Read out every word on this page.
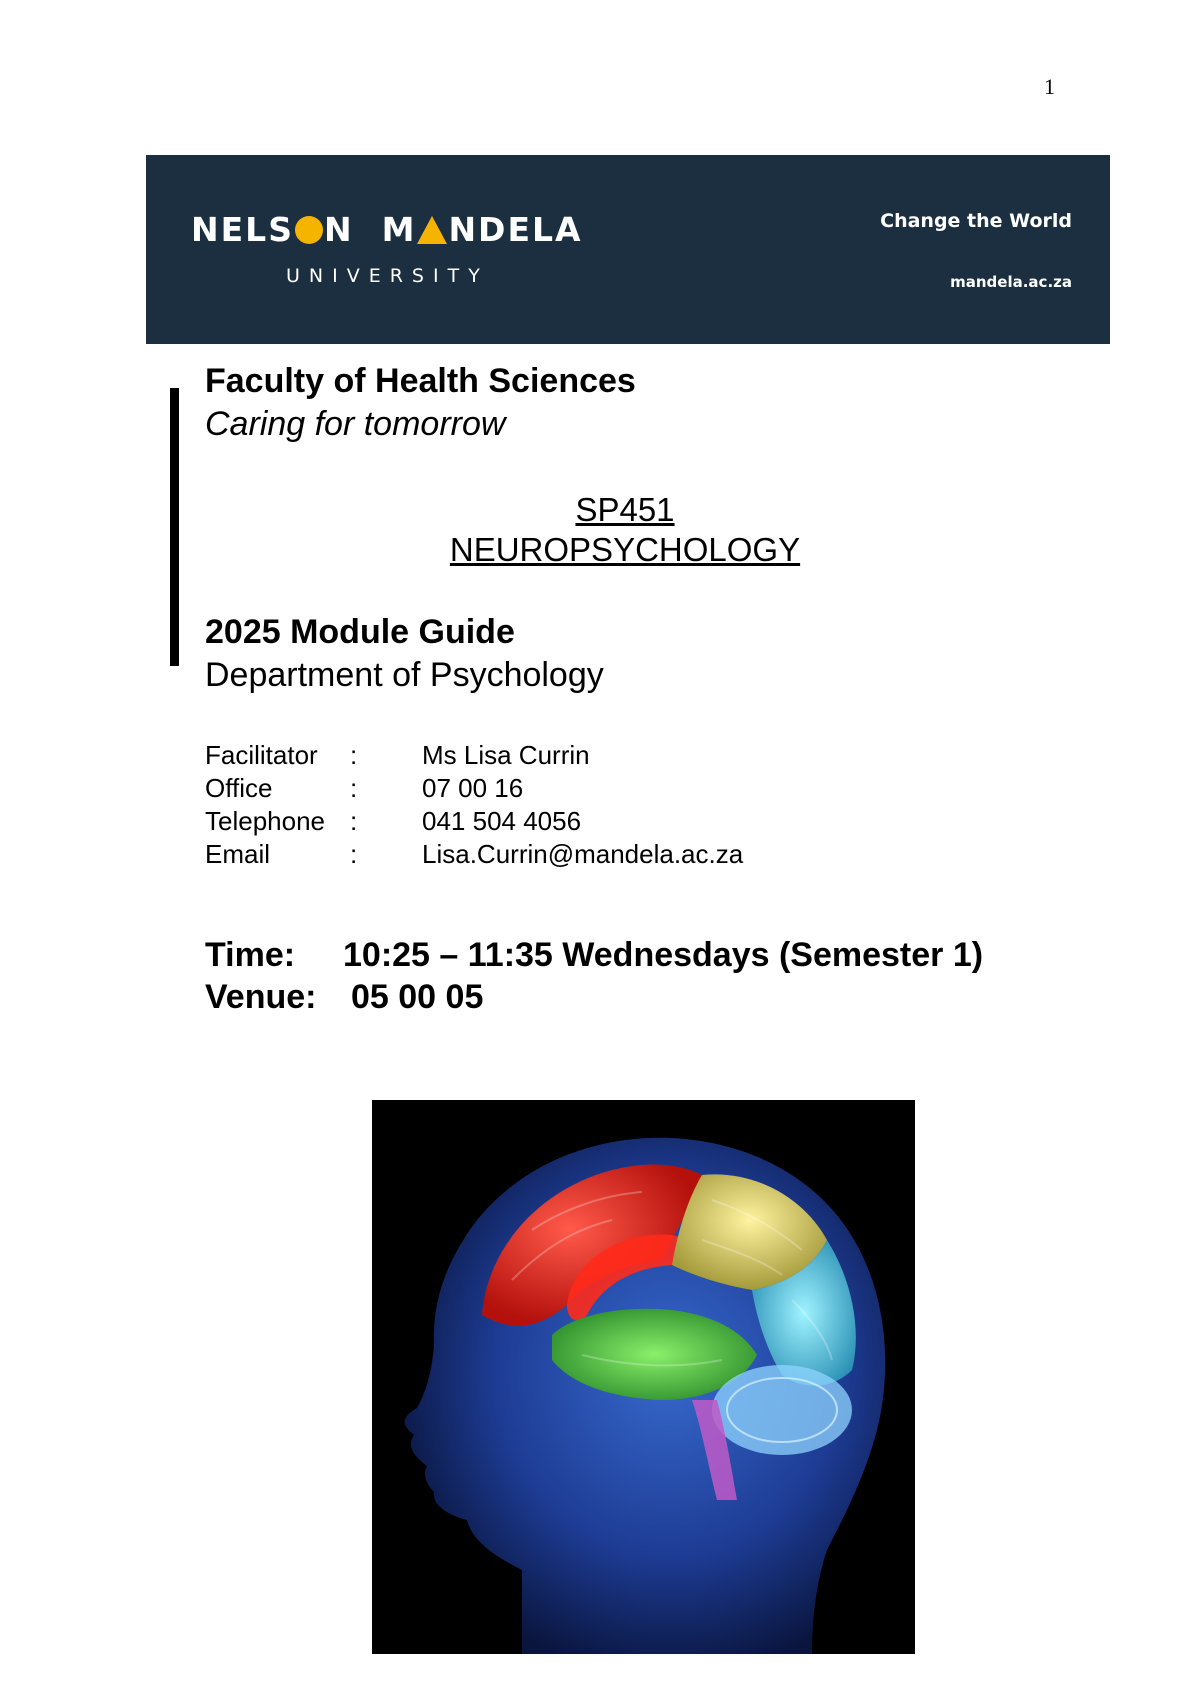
1
NELS N M NDELA
UNIVERSITY
Change the World
mandela.ac.za
Faculty of Health Sciences
Caring for tomorrow
SP451
NEUROPSYCHOLOGY
2025 Module Guide
Department of Psychology
Facilitator	:	Ms Lisa Currin
Office	:	07 00 16
Telephone :	041 504 4056
Email	:	Lisa.Currin@mandela.ac.za
Time: 10:25 – 11:35 Wednesdays (Semester 1)
Venue: 05 00 05
